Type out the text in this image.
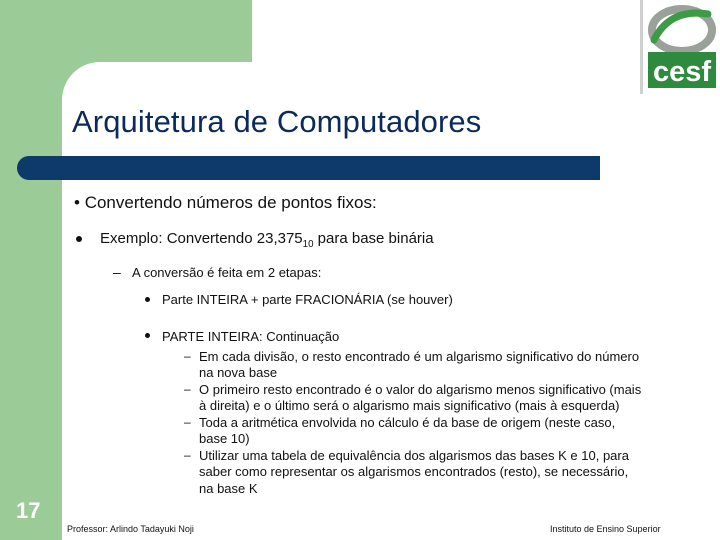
Arquitetura de Computadores
cesf
• Convertendo números de pontos fixos:
Exemplo: Convertendo $23,375_{10}$ para base binária
– A conversão é feita em 2 etapas:
Parte INTEIRA + parte FRACIONÁRIA (se houver)
PARTE INTEIRA: Continuação
– Em cada divisão, o resto encontrado é um algarismo significativo do número
na nova base
– O primeiro resto encontrado é o valor do algarismo menos significativo (mais
à direita) e o último será o algarismo mais significativo (mais à esquerda)
– Toda a aritmética envolvida no cálculo é da base de origem (neste caso,
base 10)
– Utilizar uma tabela de equivalência dos algarismos das bases K e 10, para
saber como representar os algarismos encontrados (resto), se necessário,
na base K
17
Professor: Arlindo Tadayuki Noji	Instituto de Ensino Superior
